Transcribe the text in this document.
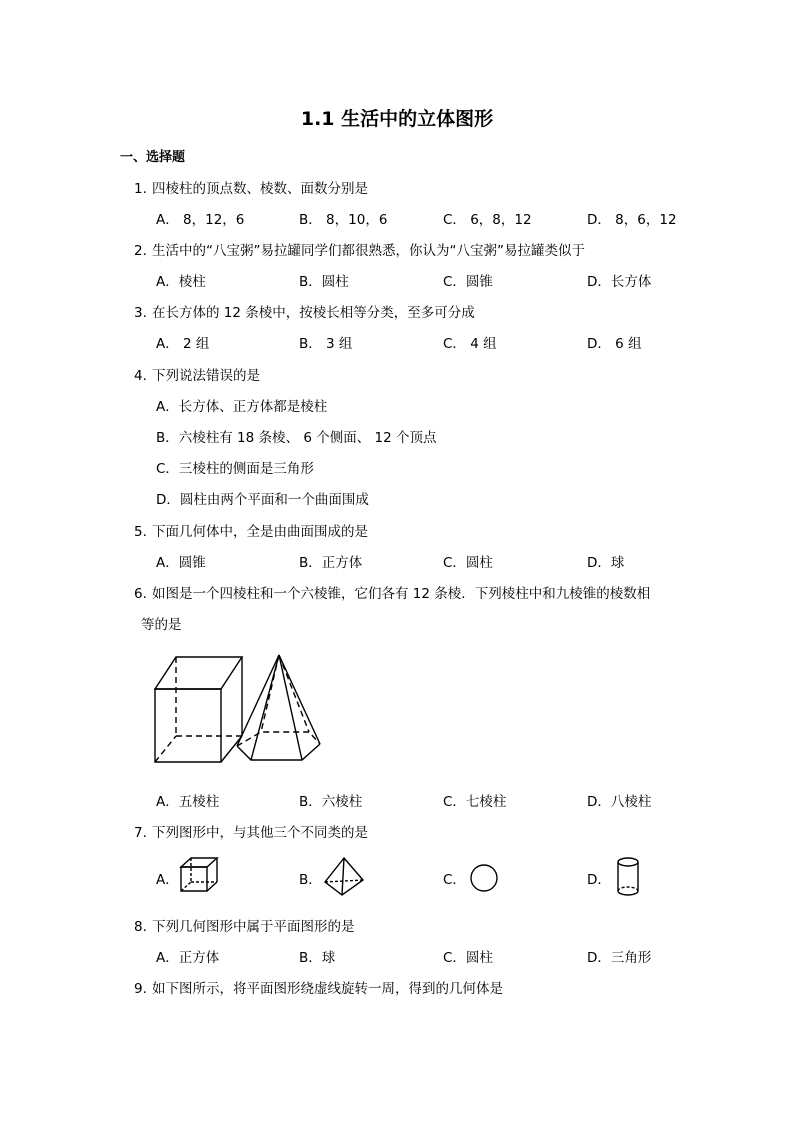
1.1 生活中的立体图形
一、选择题
1. 四棱柱的顶点数、棱数、面数分别是
A． 8，12，6	B． 8，10，6	C． 6，8，12	D． 8，6，12
2. 生活中的“八宝粥”易拉罐同学们都很熟悉，你认为“八宝粥”易拉罐类似于
A．棱柱	B．圆柱	C．圆锥	D．长方体
3. 在长方体的 12 条棱中，按棱长相等分类，至多可分成
A． 2 组	B． 3 组	C． 4 组	D． 6 组
4. 下列说法错误的是
A．长方体、正方体都是棱柱
B．六棱柱有 18 条棱、 6 个侧面、 12 个顶点
C．三棱柱的侧面是三角形
D．圆柱由两个平面和一个曲面围成
5. 下面几何体中，全是由曲面围成的是
A．圆锥	B．正方体	C．圆柱	D．球
6. 如图是一个四棱柱和一个六棱锥，它们各有 12 条棱．下列棱柱中和九棱锥的棱数相
等的是
A．五棱柱	B．六棱柱	C．七棱柱	D．八棱柱
7. 下列图形中，与其他三个不同类的是
A．	B．	C．	D．
8. 下列几何图形中属于平面图形的是
A．正方体	B．球	C．圆柱	D．三角形
9. 如下图所示，将平面图形绕虚线旋转一周，得到的几何体是
